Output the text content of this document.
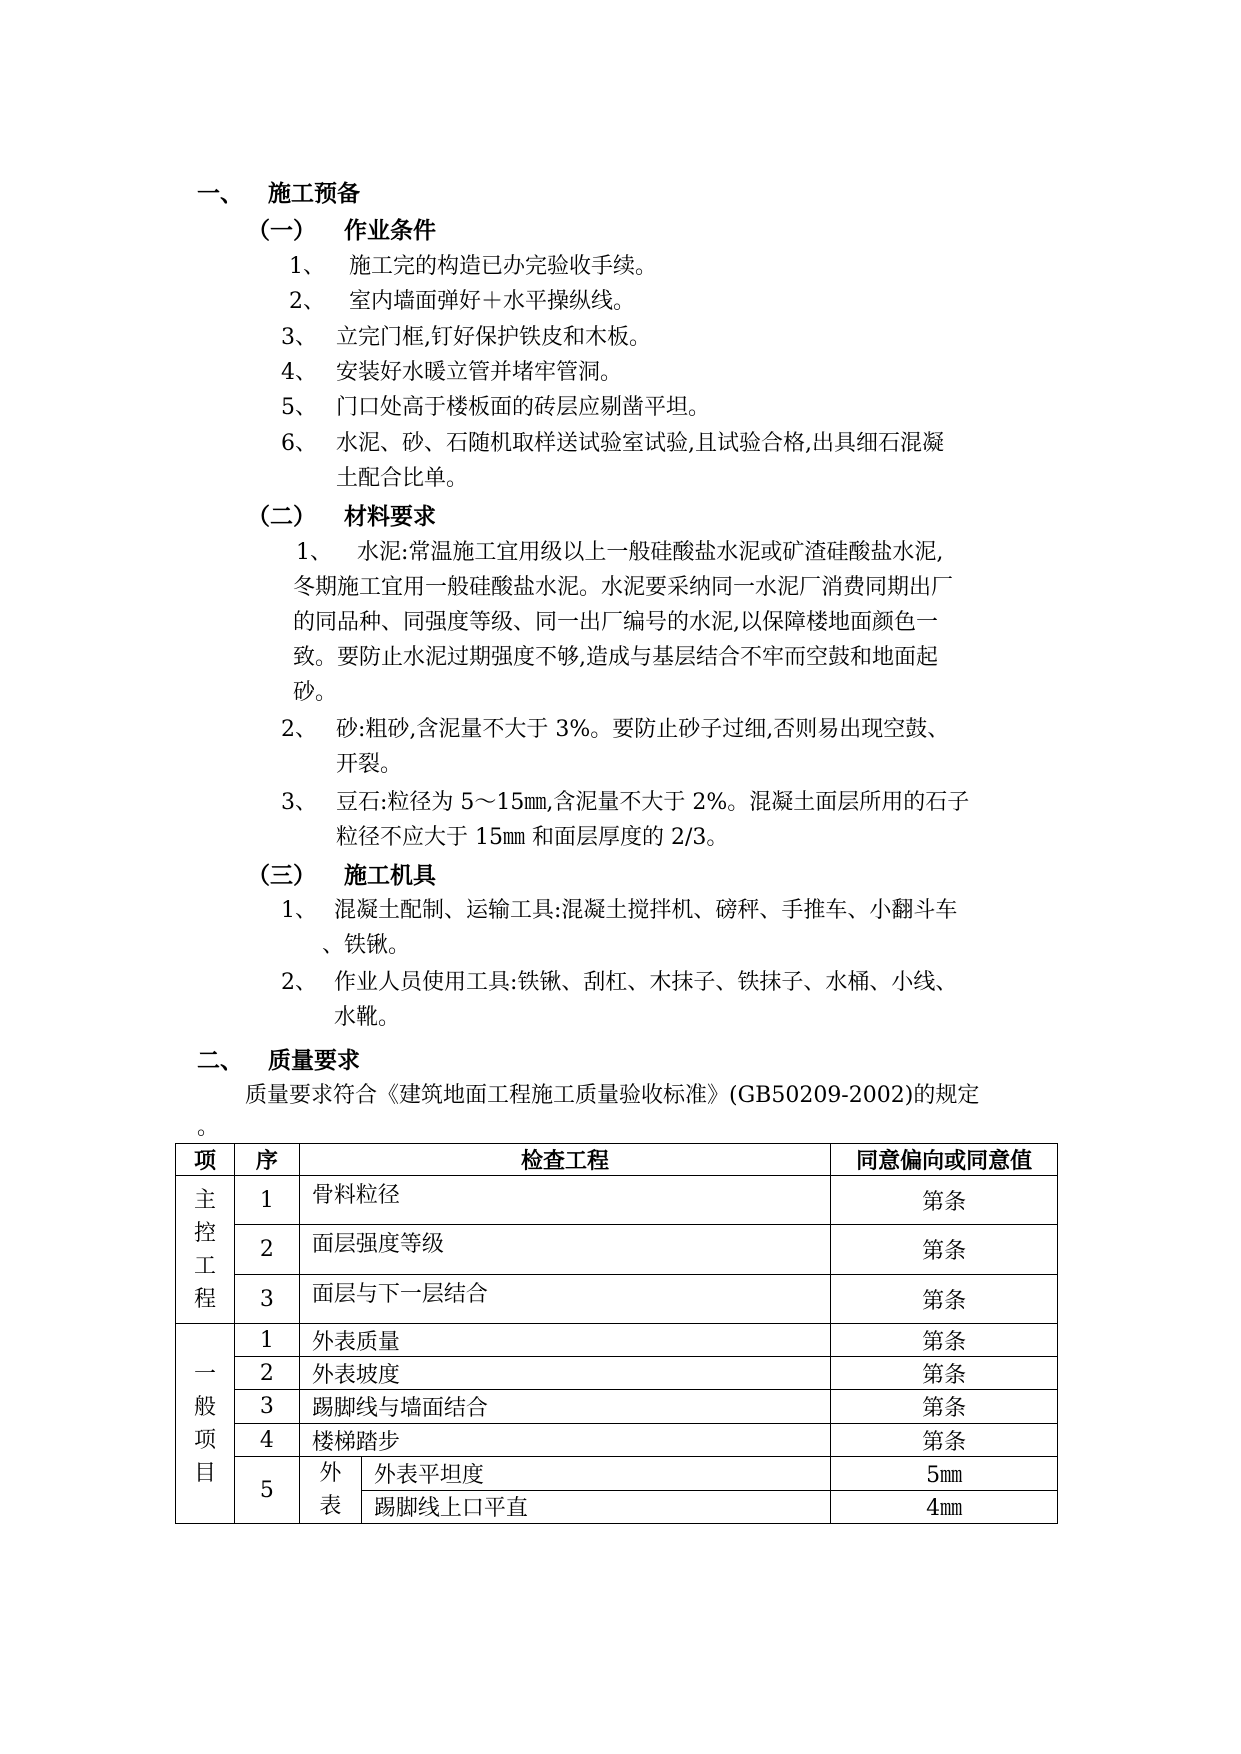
一、 施工预备
（一） 作业条件
1、 施工完的构造已办完验收手续。
2、 室内墙面弹好＋水平操纵线。
3、 立完门框,钉好保护铁皮和木板。
4、 安装好水暖立管并堵牢管洞。
5、 门口处高于楼板面的砖层应剔凿平坦。
6、 水泥、砂、石随机取样送试验室试验,且试验合格,出具细石混凝
土配合比单。
（二） 材料要求
1、 水泥:常温施工宜用级以上一般硅酸盐水泥或矿渣硅酸盐水泥,
冬期施工宜用一般硅酸盐水泥。水泥要采纳同一水泥厂消费同期出厂
的同品种、同强度等级、同一出厂编号的水泥,以保障楼地面颜色一
致。要防止水泥过期强度不够,造成与基层结合不牢而空鼓和地面起
砂。
2、 砂:粗砂,含泥量不大于 3%。要防止砂子过细,否则易出现空鼓、
开裂。
3、 豆石:粒径为 5～15㎜,含泥量不大于 2%。混凝土面层所用的石子
粒径不应大于 15㎜ 和面层厚度的 2/3。
（三） 施工机具
1、 混凝土配制、运输工具:混凝土搅拌机、磅秤、手推车、小翻斗车
、铁锹。
2、 作业人员使用工具:铁锹、刮杠、木抹子、铁抹子、水桶、小线、
水靴。
二、 质量要求
质量要求符合《建筑地面工程施工质量验收标准》(GB50209-2002)的规定
。
项	序	检查工程		同意偏向或同意值

主控工程	1	骨料粒径		第条
	2	面层强度等级		第条
	3	面层与下一层结合		第条

一般项目	1	外表质量		第条
	2	外表坡度		第条
	3	踢脚线与墙面结合		第条
	4	楼梯踏步		第条
	5	外表	外表平坦度	5㎜
			踢脚线上口平直	4㎜
